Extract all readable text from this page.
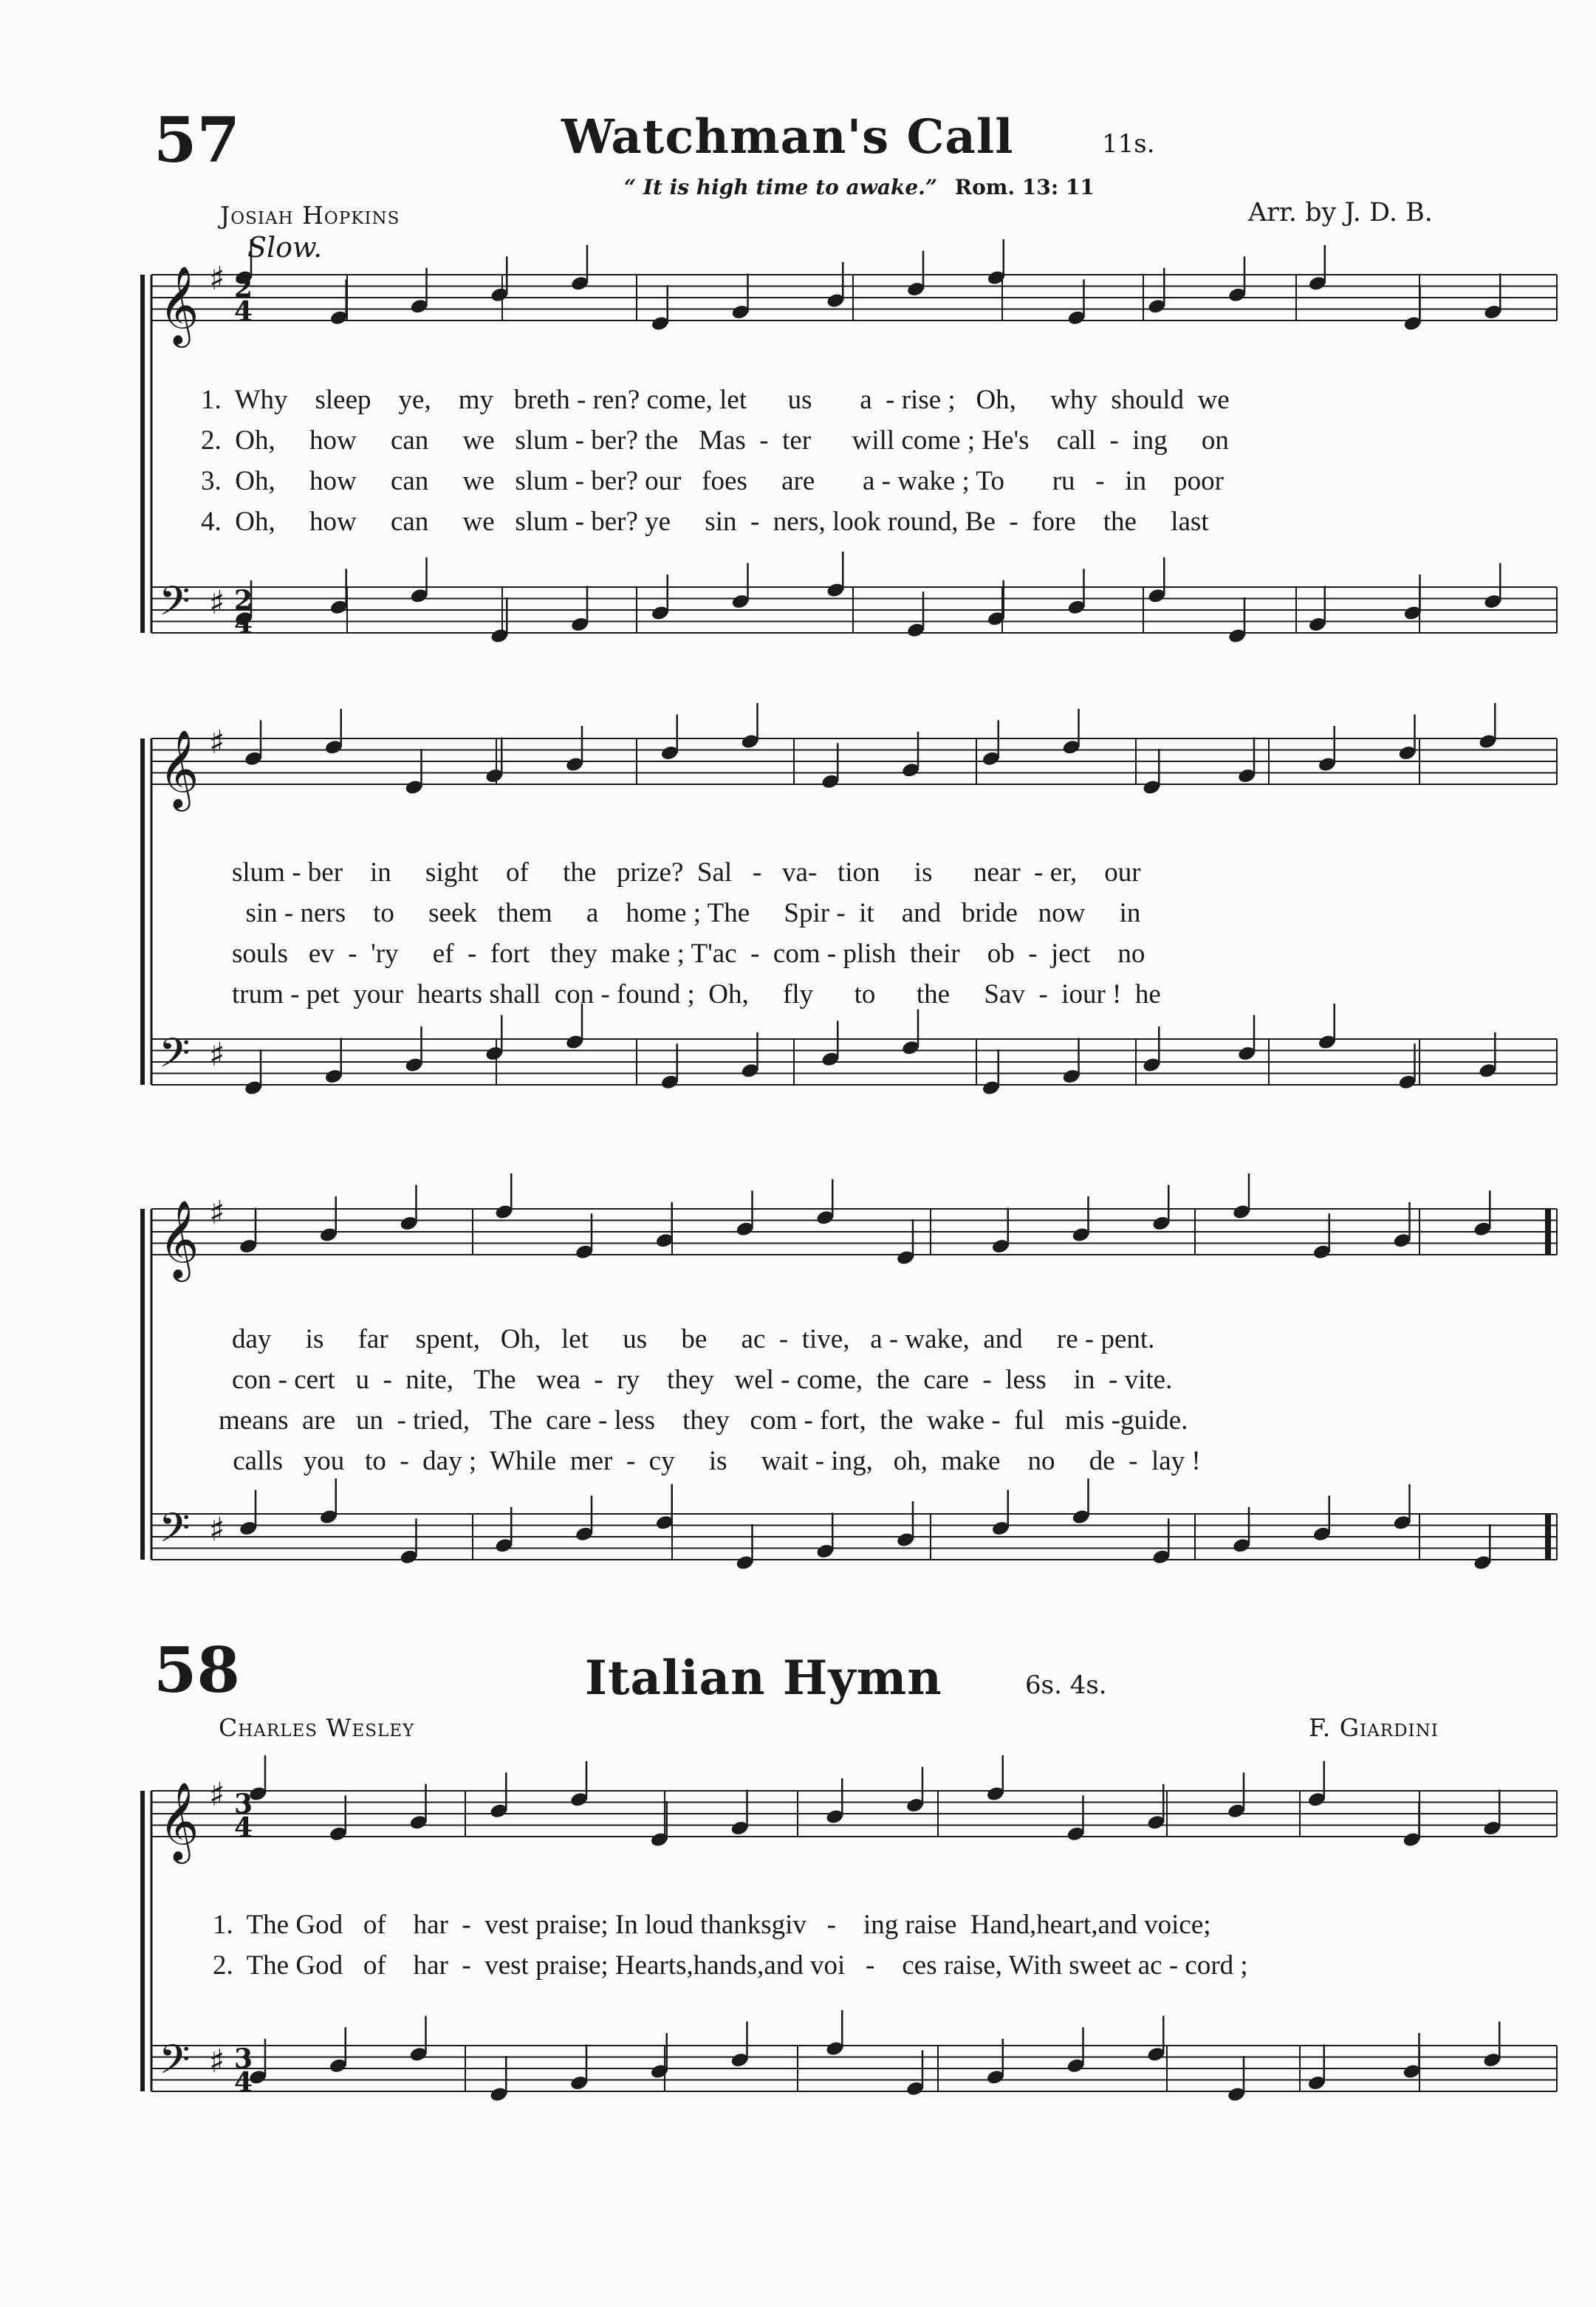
57	Watchman's Call	11s.
“ It is high time to awake.” Rom. 13: 11
Josiah Hopkins	Arr. by J. D. B.
Slow.
1.  Why    sleep    ye,    my   breth - ren? come, let      us       a  - rise ;   Oh,     why  should  we
2.  Oh,     how     can     we   slum - ber? the   Mas  -  ter      will come ; He's    call  -  ing     on
3.  Oh,     how     can     we   slum - ber? our   foes     are       a - wake ; To       ru   -   in    poor
4.  Oh,     how     can     we   slum - ber? ye     sin  -  ners, look round, Be  -  fore    the     last
slum - ber    in     sight    of     the   prize?  Sal   -   va-   tion     is      near  - er,    our
sin - ners    to     seek   them     a    home ; The     Spir -  it    and   bride   now     in
souls   ev  -  'ry     ef  -  fort   they  make ; T'ac  -  com - plish  their    ob  -  ject    no
trum - pet  your  hearts shall  con - found ;  Oh,     fly      to      the     Sav  -  iour !  he
day     is     far    spent,   Oh,   let     us     be     ac  -  tive,   a - wake,  and     re - pent.
con - cert   u  -  nite,   The   wea  -  ry    they   wel - come,  the  care  -  less    in  - vite.
means  are   un  - tried,   The  care - less    they   com - fort,  the  wake -  ful   mis -guide.
calls   you   to  -  day ;  While  mer  -  cy     is     wait - ing,   oh,  make    no     de  -  lay !
58	Italian Hymn	6s. 4s.
Charles Wesley	F. Giardini
1.  The God   of    har  -  vest praise; In loud thanksgiv   -    ing raise  Hand,heart,and voice;
2.  The God   of    har  -  vest praise; Hearts,hands,and voi   -    ces raise, With sweet ac - cord ;
𝄞 ♯
𝄢 ♯
2
4
2
4
𝄞 ♯
𝄢 ♯
𝄞 ♯
𝄢 ♯
𝄞 ♯
𝄢 ♯
3
4
3
4
